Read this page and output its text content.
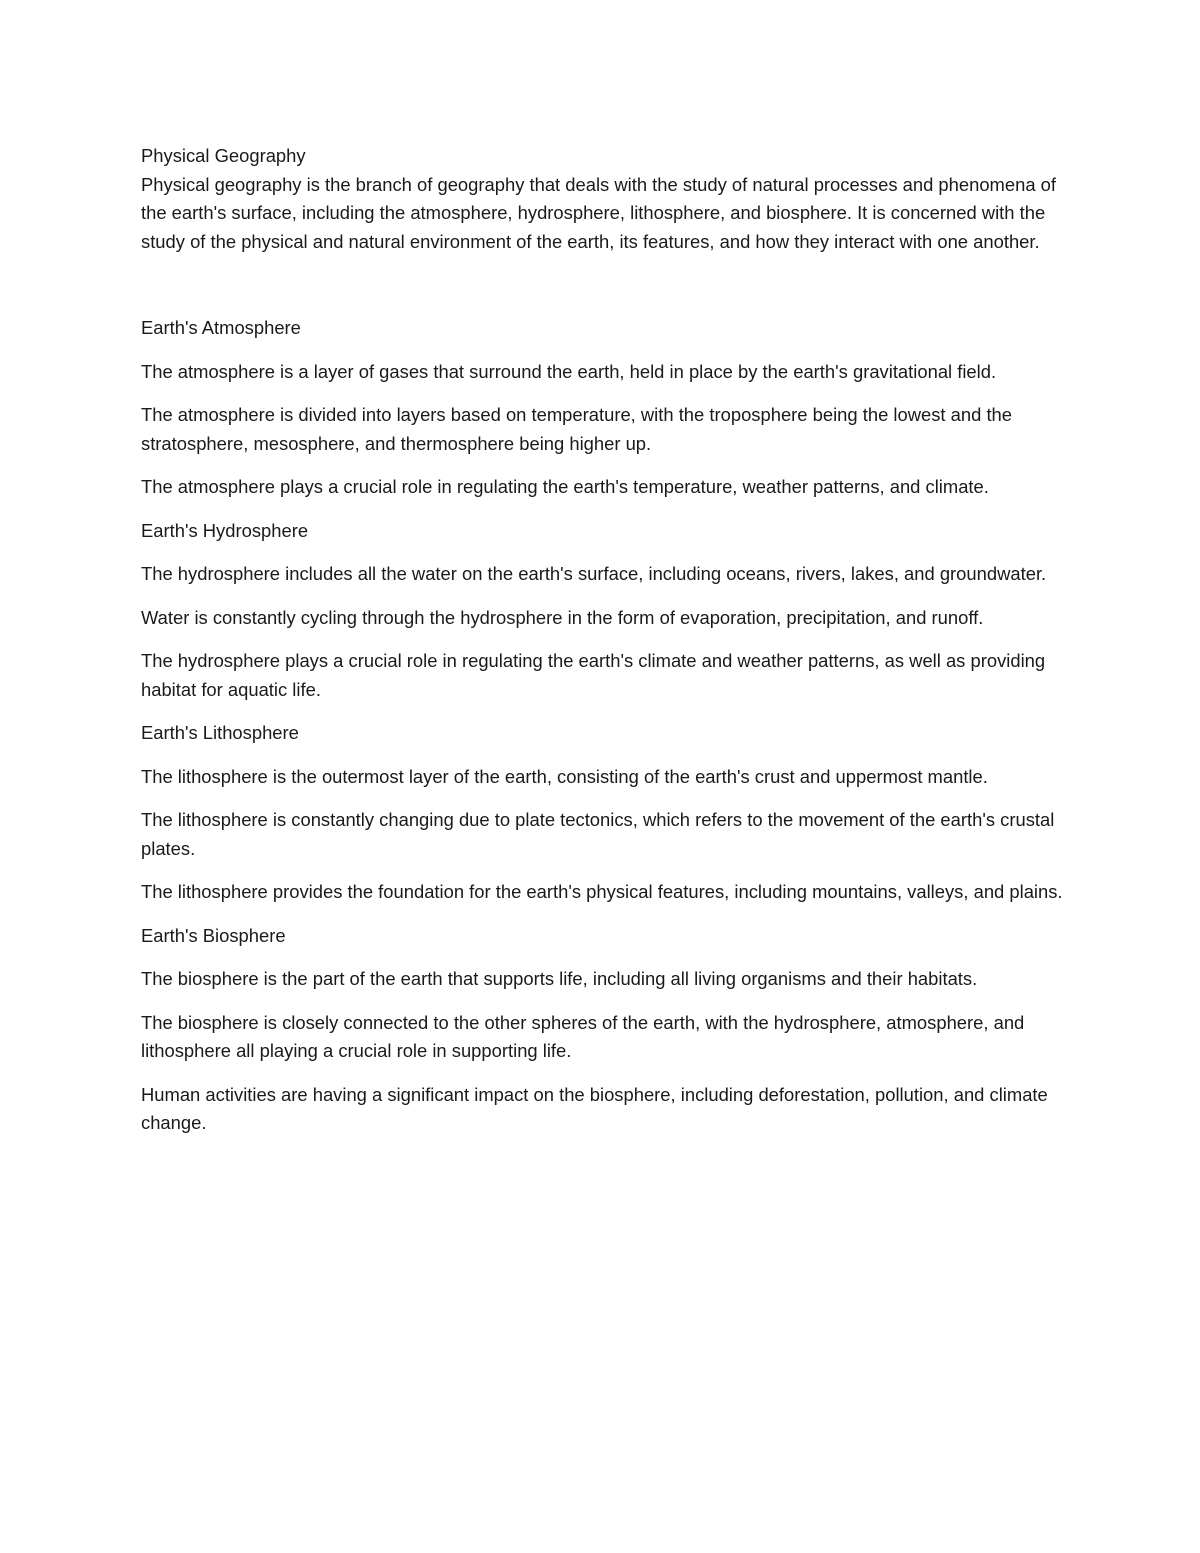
Physical Geography

Physical geography is the branch of geography that deals with the study of natural processes and phenomena of the earth's surface, including the atmosphere, hydrosphere, lithosphere, and biosphere. It is concerned with the study of the physical and natural environment of the earth, its features, and how they interact with one another.

Earth's Atmosphere

The atmosphere is a layer of gases that surround the earth, held in place by the earth's gravitational field.

The atmosphere is divided into layers based on temperature, with the troposphere being the lowest and the stratosphere, mesosphere, and thermosphere being higher up.

The atmosphere plays a crucial role in regulating the earth's temperature, weather patterns, and climate.

Earth's Hydrosphere

The hydrosphere includes all the water on the earth's surface, including oceans, rivers, lakes, and groundwater.

Water is constantly cycling through the hydrosphere in the form of evaporation, precipitation, and runoff.

The hydrosphere plays a crucial role in regulating the earth's climate and weather patterns, as well as providing habitat for aquatic life.

Earth's Lithosphere

The lithosphere is the outermost layer of the earth, consisting of the earth's crust and uppermost mantle.

The lithosphere is constantly changing due to plate tectonics, which refers to the movement of the earth's crustal plates.

The lithosphere provides the foundation for the earth's physical features, including mountains, valleys, and plains.

Earth's Biosphere

The biosphere is the part of the earth that supports life, including all living organisms and their habitats.

The biosphere is closely connected to the other spheres of the earth, with the hydrosphere, atmosphere, and lithosphere all playing a crucial role in supporting life.

Human activities are having a significant impact on the biosphere, including deforestation, pollution, and climate change.
